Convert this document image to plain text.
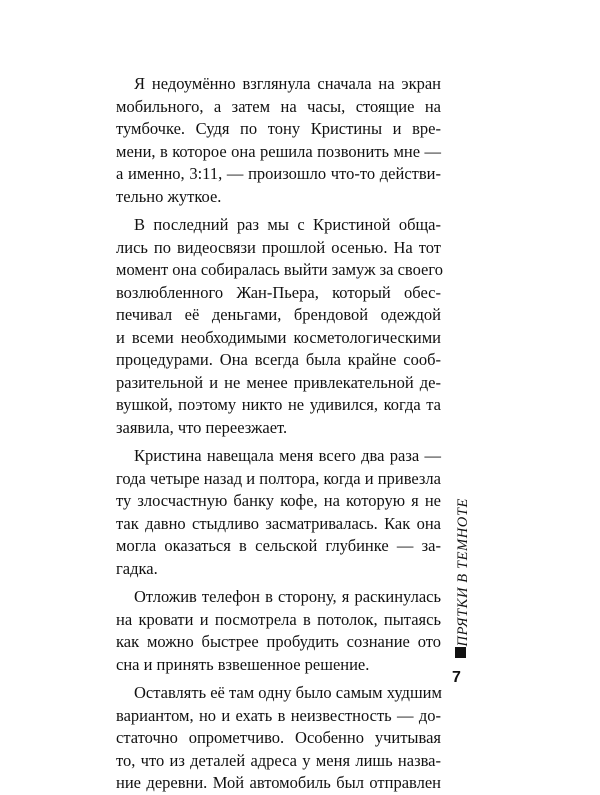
Я недоумённо взглянула сначала на экран
мобильного, а затем на часы, стоящие на
тумбочке. Судя по тону Кристины и вре-
мени, в которое она решила позвонить мне —
а именно, 3:11, — произошло что-то действи-
тельно жуткое.

В последний раз мы с Кристиной обща-
лись по видеосвязи прошлой осенью. На тот
момент она собиралась выйти замуж за своего
возлюбленного Жан-Пьера, который обес-
печивал её деньгами, брендовой одеждой
и всеми необходимыми косметологическими
процедурами. Она всегда была крайне сооб-
разительной и не менее привлекательной де-
вушкой, поэтому никто не удивился, когда та
заявила, что переезжает.

Кристина навещала меня всего два раза —
года четыре назад и полтора, когда и привезла
ту злосчастную банку кофе, на которую я не
так давно стыдливо засматривалась. Как она
могла оказаться в сельской глубинке — за-
гадка.

Отложив телефон в сторону, я раскинулась
на кровати и посмотрела в потолок, пытаясь
как можно быстрее пробудить сознание ото
сна и принять взвешенное решение.

Оставлять её там одну было самым худшим
вариантом, но и ехать в неизвестность — до-
статочно опрометчиво. Особенно учитывая
то, что из деталей адреса у меня лишь назва-
ние деревни. Мой автомобиль был отправлен

ПРЯТКИ В ТЕМНОТЕ
7
